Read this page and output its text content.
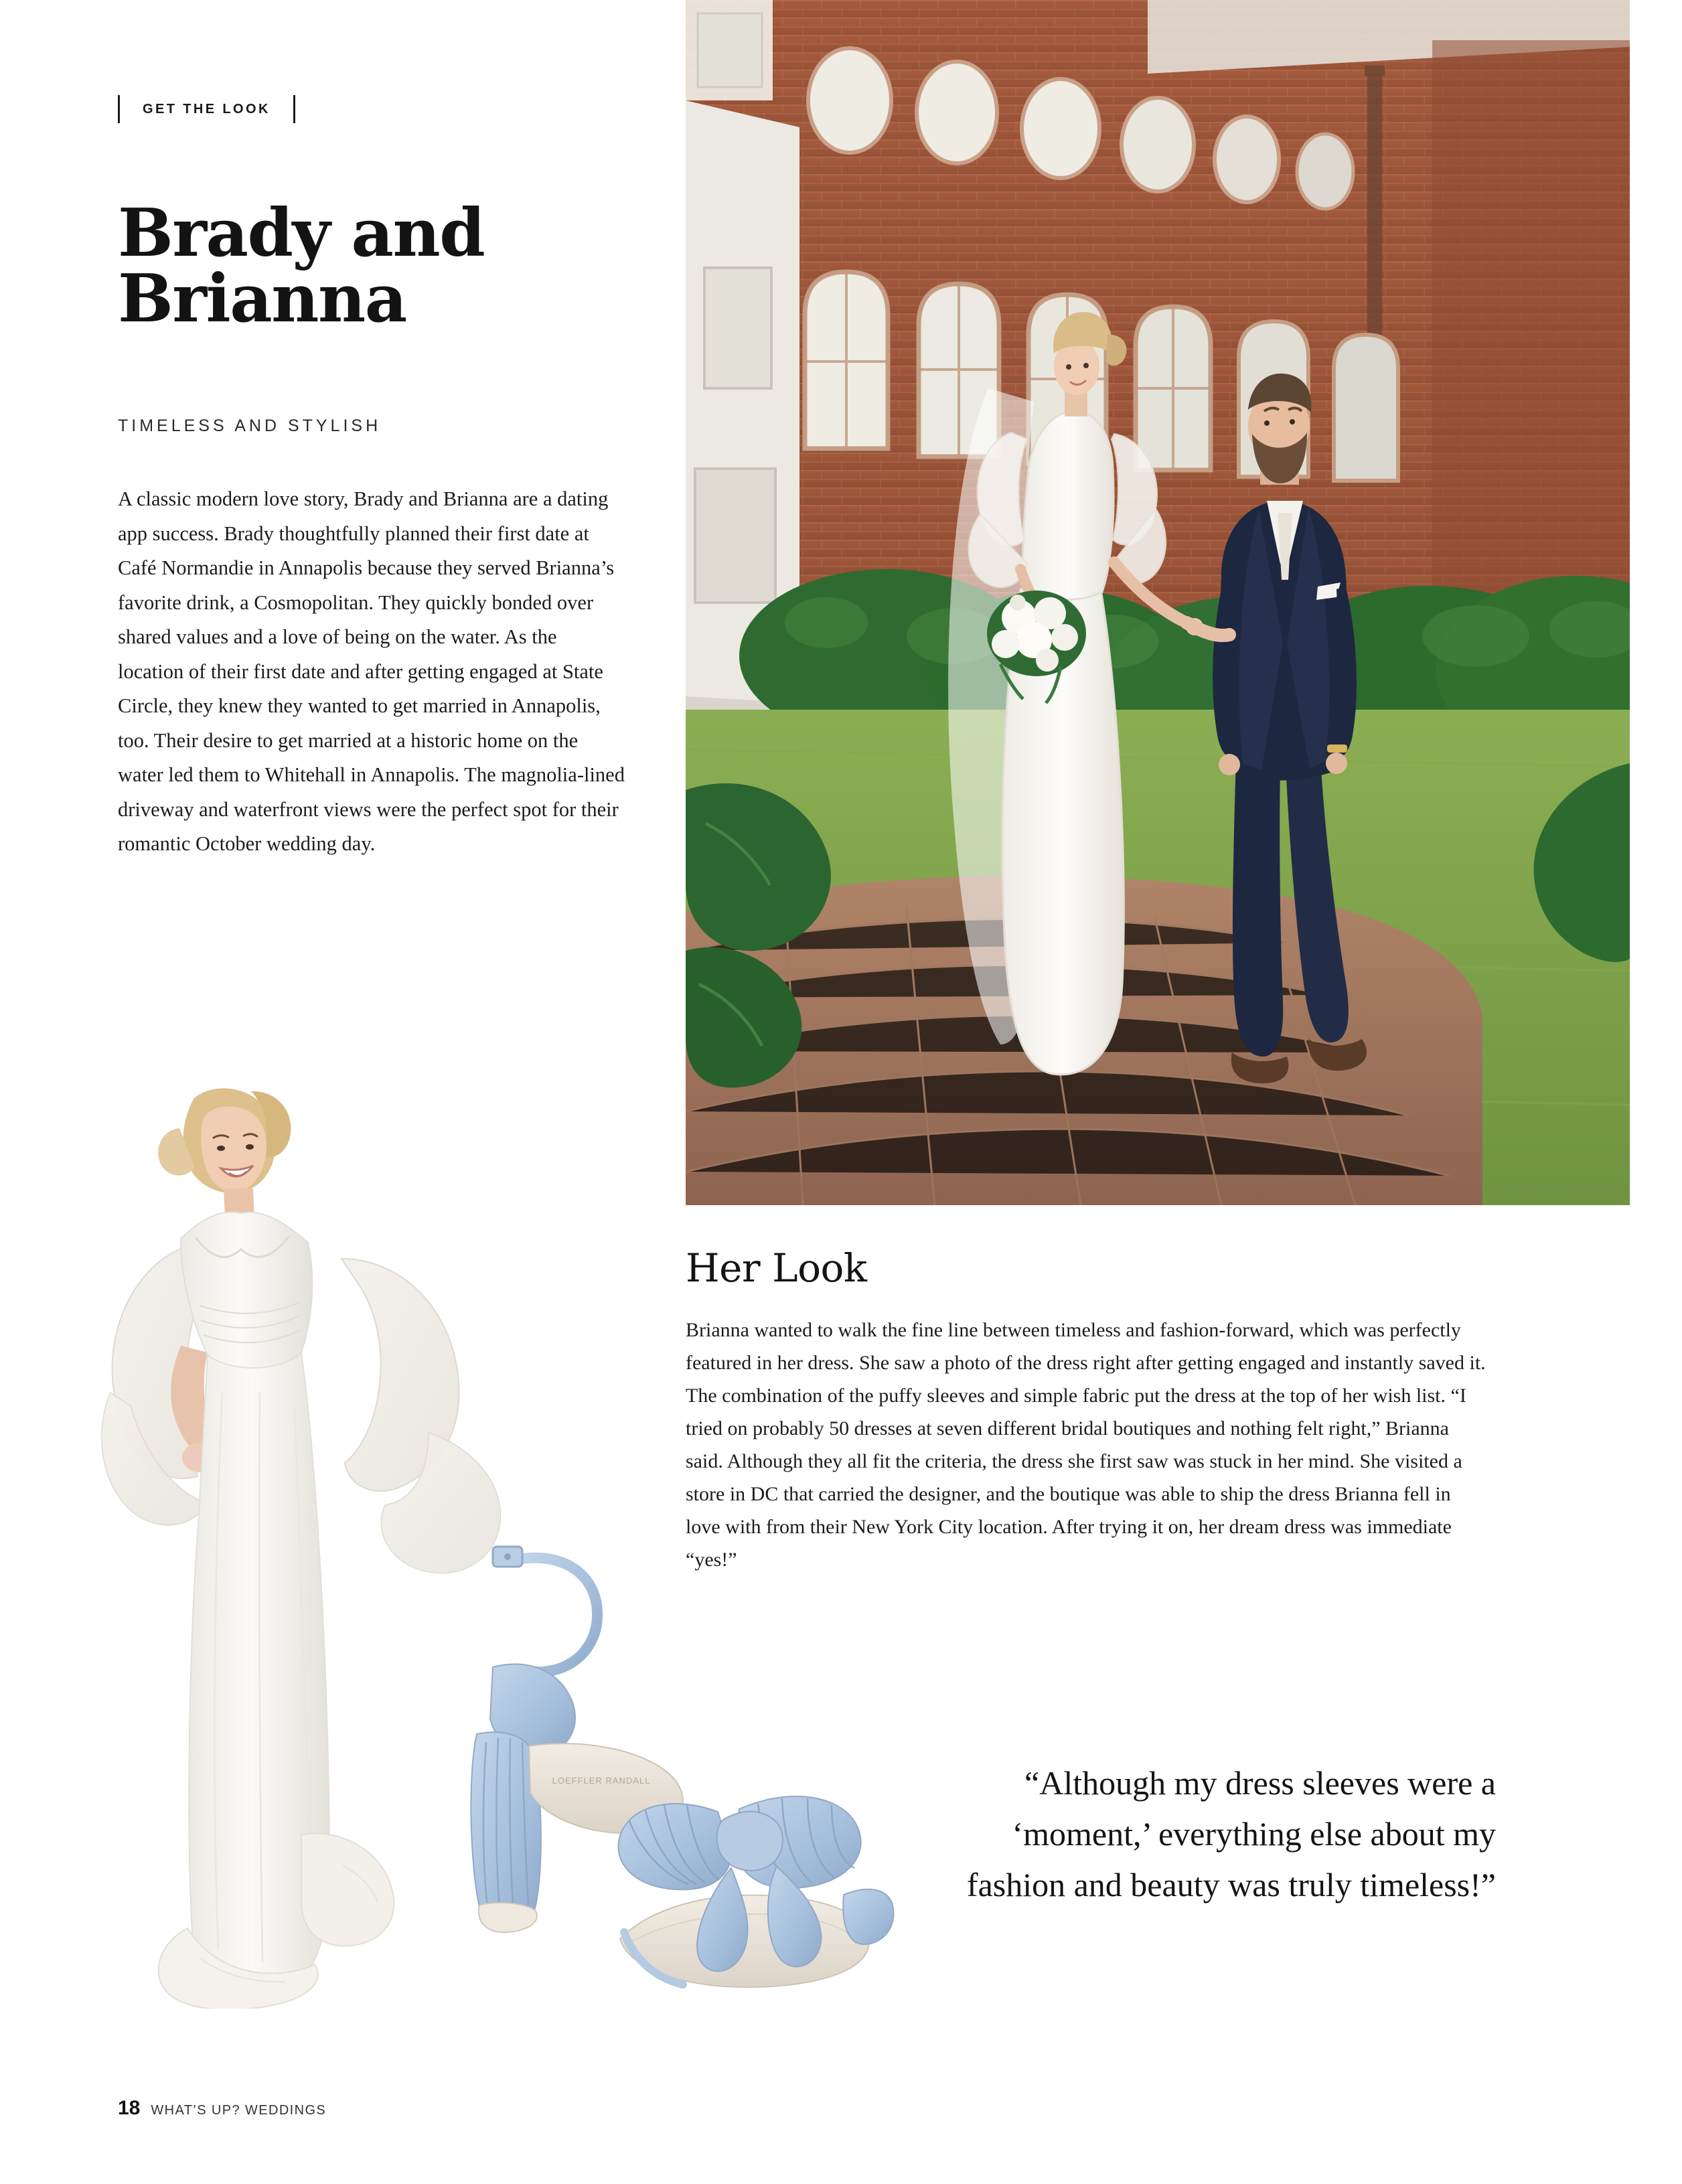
GET THE LOOK
Brady and Brianna
TIMELESS AND STYLISH

A classic modern love story, Brady and Brianna are a dating app success. Brady thoughtfully planned their first date at Café Normandie in Annapolis because they served Brianna’s favorite drink, a Cosmopolitan. They quickly bonded over shared values and a love of being on the water. As the location of their first date and after getting engaged at State Circle, they knew they wanted to get married in Annapolis, too. Their desire to get married at a historic home on the water led them to Whitehall in Annapolis. The magnolia-lined driveway and waterfront views were the perfect spot for their romantic October wedding day.

LOEFFLER RANDALL
Her Look

Brianna wanted to walk the fine line between timeless and fashion-forward, which was perfectly featured in her dress. She saw a photo of the dress right after getting engaged and instantly saved it. The combination of the puffy sleeves and simple fabric put the dress at the top of her wish list. “I tried on probably 50 dresses at seven different bridal boutiques and nothing felt right,” Brianna said. Although they all fit the criteria, the dress she first saw was stuck in her mind. She visited a store in DC that carried the designer, and the boutique was able to ship the dress Brianna fell in love with from their New York City location. After trying it on, her dream dress was immediate “yes!”

“Although my dress sleeves were a ‘moment,’ everything else about my fashion and beauty was truly timeless!”
18 WHAT’S UP? WEDDINGS
